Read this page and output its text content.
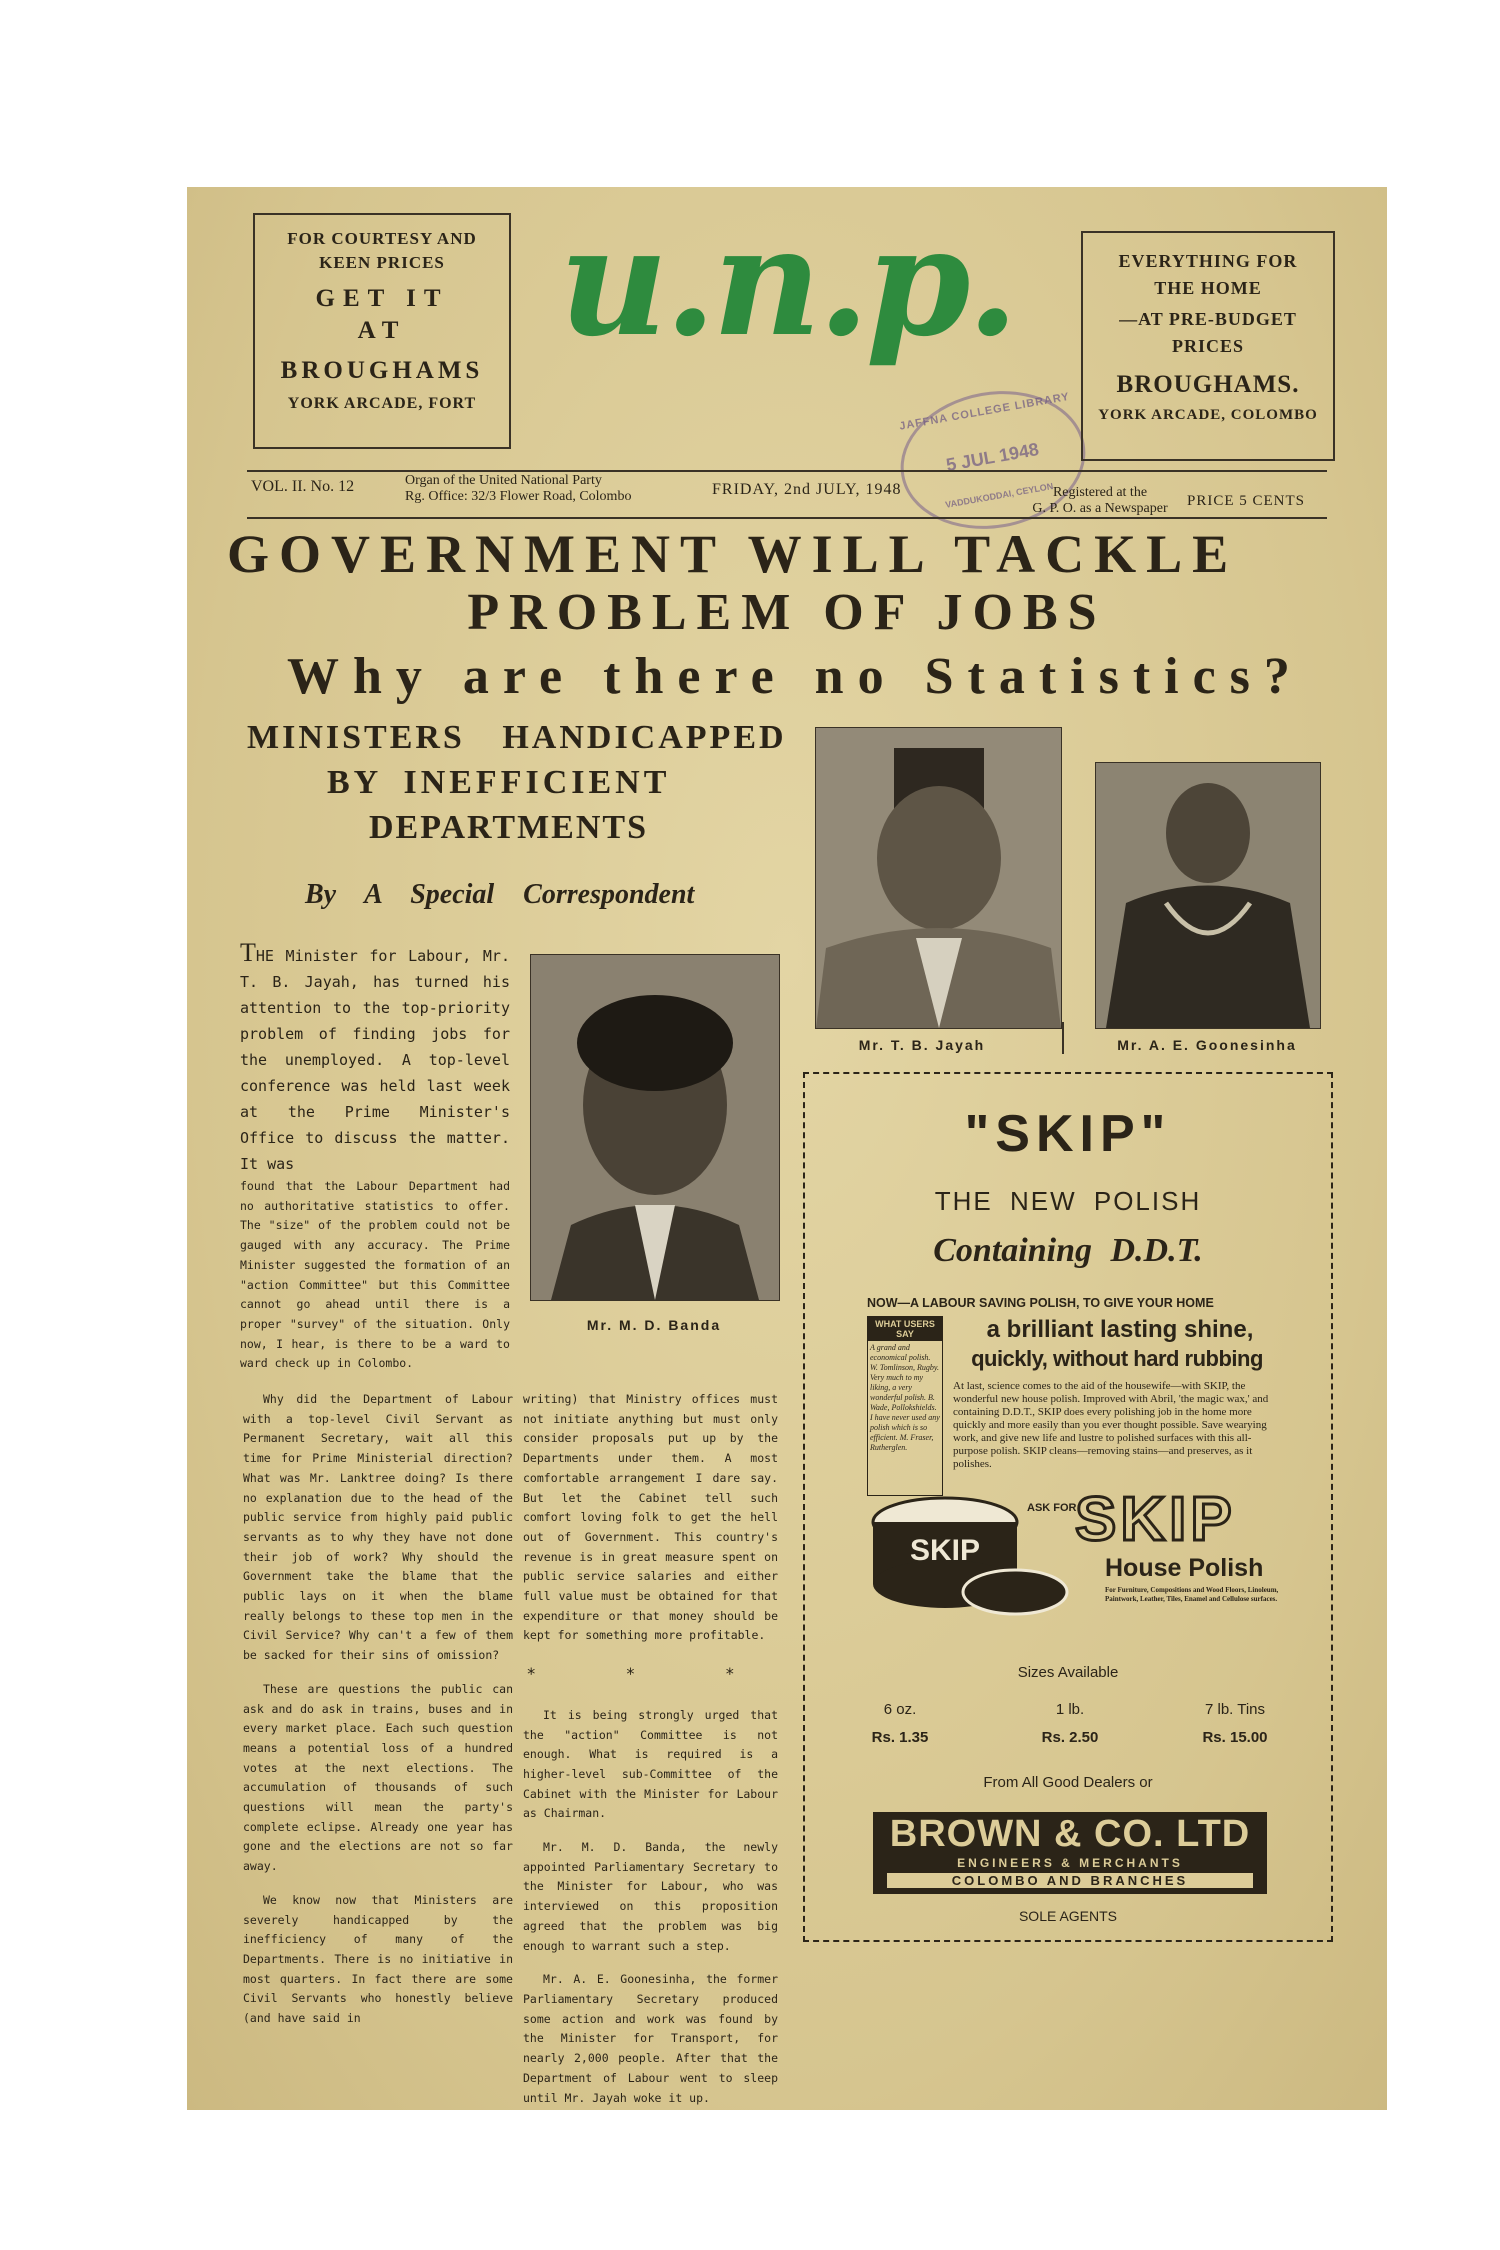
FOR COURTESY AND
KEEN PRICES
GET IT
AT
BROUGHAMS
YORK ARCADE, FORT
u.n.p.
JAFFNA COLLEGE LIBRARY
5 JUL 1948
VADDUKODDAI, CEYLON
EVERYTHING FOR
THE HOME
—AT PRE-BUDGET
PRICES
BROUGHAMS.
YORK ARCADE, COLOMBO
VOL. II. No. 12	Organ of the United National Party
Rg. Office: 32/3 Flower Road, Colombo	FRIDAY, 2nd JULY, 1948	Registered at the
G. P. O. as a Newspaper	PRICE 5 CENTS
GOVERNMENT WILL TACKLE
PROBLEM OF JOBS
Why are there no Statistics?
MINISTERS HANDICAPPED
BY INEFFICIENT
DEPARTMENTS
By A Special Correspondent
THE Minister for Labour, Mr. T. B. Jayah, has turned his attention to the top-priority problem of finding jobs for the unemployed. A top-level conference was held last week at the Prime Minister's Office to discuss the matter. It was
found that the Labour Department had no authoritative statistics to offer. The "size" of the problem could not be gauged with any accuracy. The Prime Minister suggested the formation of an "action Committee" but this Committee cannot go ahead until there is a proper "survey" of the situation. Only now, I hear, is there to be a ward to ward check up in Colombo.
Mr. M. D. Banda
Mr. T. B. Jayah	Mr. A. E. Goonesinha

Why did the Department of Labour with a top-level Civil Servant as Permanent Secretary, wait all this time for Prime Ministerial direction? What was Mr. Lanktree doing? Is there no explanation due to the head of the public service from highly paid public servants as to why they have not done their job of work? Why should the Government take the blame that the public lays on it when the blame really belongs to these top men in the Civil Service? Why can't a few of them be sacked for their sins of omission?

These are questions the public can ask and do ask in trains, buses and in every market place. Each such question means a potential loss of a hundred votes at the next elections. The accumulation of thousands of such questions will mean the party's complete eclipse. Already one year has gone and the elections are not so far away.

We know now that Ministers are severely handicapped by the inefficiency of many of the Departments. There is no initiative in most quarters. In fact there are some Civil Servants who honestly believe (and have said in

writing) that Ministry offices must not initiate anything but must only consider proposals put up by the Departments under them. A most comfortable arrangement I dare say. But let the Cabinet tell such comfort loving folk to get the hell out of Government. This country's revenue is in great measure spent on public service salaries and either full value must be obtained for that expenditure or that money should be kept for something more profitable.

* * *

It is being strongly urged that the "action" Committee is not enough. What is required is a higher-level sub-Committee of the Cabinet with the Minister for Labour as Chairman.

Mr. M. D. Banda, the newly appointed Parliamentary Secretary to the Minister for Labour, who was interviewed on this proposition agreed that the problem was big enough to warrant such a step.

Mr. A. E. Goonesinha, the former Parliamentary Secretary produced some action and work was found by the Minister for Transport, for nearly 2,000 people. After that the Department of Labour went to sleep until Mr. Jayah woke it up.

"SKIP"
THE NEW POLISH
Containing D.D.T.
NOW—A LABOUR SAVING POLISH, TO GIVE YOUR HOME
WHAT USERS SAY
A grand and economical polish. W. Tomlinson, Rugby. Very much to my liking, a very wonderful polish. B. Wade, Pollokshields. I have never used any polish which is so efficient. M. Fraser, Rutherglen.
a brilliant lasting shine,
quickly, without hard rubbing
At last, science comes to the aid of the housewife—with SKIP, the wonderful new house polish. Improved with Abril, 'the magic wax,' and containing D.D.T., SKIP does every polishing job in the home more quickly and more easily than you ever thought possible. Save wearying work, and give new life and lustre to polished surfaces with this all-purpose polish. SKIP cleans—removing stains—and preserves, as it polishes.
SKIP
ASK FOR
SKIP
House Polish
For Furniture, Compositions and Wood Floors, Linoleum, Paintwork, Leather, Tiles, Enamel and Cellulose surfaces.
Sizes Available
6 oz.	1 lb.	7 lb. Tins
Rs. 1.35	Rs. 2.50	Rs. 15.00
From All Good Dealers or
BROWN & CO. LTD
ENGINEERS & MERCHANTS
COLOMBO AND BRANCHES
SOLE AGENTS
